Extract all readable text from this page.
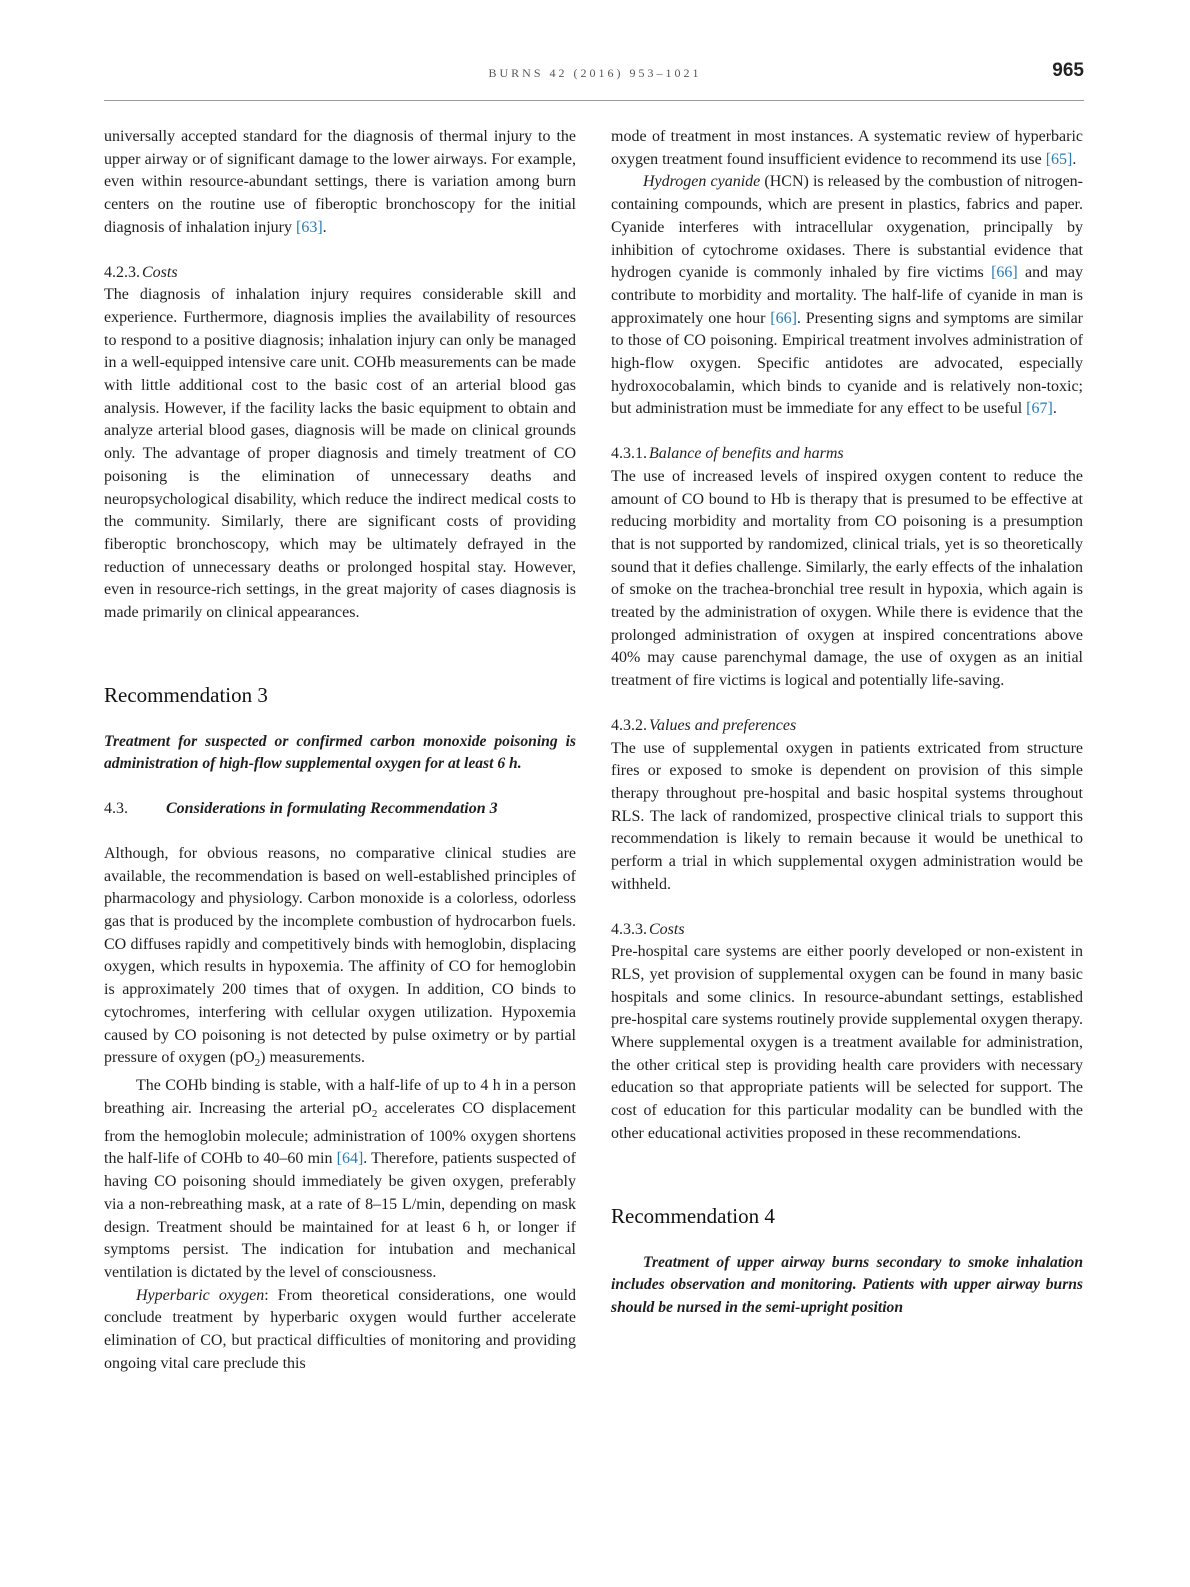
BURNS 42 (2016) 953–1021	965

universally accepted standard for the diagnosis of thermal injury to the upper airway or of significant damage to the lower airways. For example, even within resource-abundant settings, there is variation among burn centers on the routine use of fiberoptic bronchoscopy for the initial diagnosis of inhalation injury [63].

4.2.3. Costs

The diagnosis of inhalation injury requires considerable skill and experience. Furthermore, diagnosis implies the availability of resources to respond to a positive diagnosis; inhalation injury can only be managed in a well-equipped intensive care unit. COHb measurements can be made with little additional cost to the basic cost of an arterial blood gas analysis. However, if the facility lacks the basic equipment to obtain and analyze arterial blood gases, diagnosis will be made on clinical grounds only. The advantage of proper diagnosis and timely treatment of CO poisoning is the elimination of unnecessary deaths and neuropsychological disability, which reduce the indirect medical costs to the community. Similarly, there are significant costs of providing fiberoptic bronchoscopy, which may be ultimately defrayed in the reduction of unnecessary deaths or prolonged hospital stay. However, even in resource-rich settings, in the great majority of cases diagnosis is made primarily on clinical appearances.

Recommendation 3

Treatment for suspected or confirmed carbon monoxide poisoning is administration of high-flow supplemental oxygen for at least 6 h.

4.3. Considerations in formulating Recommendation 3

Although, for obvious reasons, no comparative clinical studies are available, the recommendation is based on well-established principles of pharmacology and physiology. Carbon monoxide is a colorless, odorless gas that is produced by the incomplete combustion of hydrocarbon fuels. CO diffuses rapidly and competitively binds with hemoglobin, displacing oxygen, which results in hypoxemia. The affinity of CO for hemoglobin is approximately 200 times that of oxygen. In addition, CO binds to cytochromes, interfering with cellular oxygen utilization. Hypoxemia caused by CO poisoning is not detected by pulse oximetry or by partial pressure of oxygen $(pO_2)$ measurements.

The COHb binding is stable, with a half-life of up to 4 h in a person breathing air. Increasing the arterial $pO_2$ accelerates CO displacement from the hemoglobin molecule; administration of 100% oxygen shortens the half-life of COHb to 40–60 min [64]. Therefore, patients suspected of having CO poisoning should immediately be given oxygen, preferably via a non-rebreathing mask, at a rate of 8–15 L/min, depending on mask design. Treatment should be maintained for at least 6 h, or longer if symptoms persist. The indication for intubation and mechanical ventilation is dictated by the level of consciousness.

Hyperbaric oxygen: From theoretical considerations, one would conclude treatment by hyperbaric oxygen would further accelerate elimination of CO, but practical difficulties of monitoring and providing ongoing vital care preclude this

mode of treatment in most instances. A systematic review of hyperbaric oxygen treatment found insufficient evidence to recommend its use [65].

Hydrogen cyanide (HCN) is released by the combustion of nitrogen-containing compounds, which are present in plastics, fabrics and paper. Cyanide interferes with intracellular oxygenation, principally by inhibition of cytochrome oxidases. There is substantial evidence that hydrogen cyanide is commonly inhaled by fire victims [66] and may contribute to morbidity and mortality. The half-life of cyanide in man is approximately one hour [66]. Presenting signs and symptoms are similar to those of CO poisoning. Empirical treatment involves administration of high-flow oxygen. Specific antidotes are advocated, especially hydroxocobalamin, which binds to cyanide and is relatively non-toxic; but administration must be immediate for any effect to be useful [67].

4.3.1. Balance of benefits and harms

The use of increased levels of inspired oxygen content to reduce the amount of CO bound to Hb is therapy that is presumed to be effective at reducing morbidity and mortality from CO poisoning is a presumption that is not supported by randomized, clinical trials, yet is so theoretically sound that it defies challenge. Similarly, the early effects of the inhalation of smoke on the trachea-bronchial tree result in hypoxia, which again is treated by the administration of oxygen. While there is evidence that the prolonged administration of oxygen at inspired concentrations above 40% may cause parenchymal damage, the use of oxygen as an initial treatment of fire victims is logical and potentially life-saving.

4.3.2. Values and preferences

The use of supplemental oxygen in patients extricated from structure fires or exposed to smoke is dependent on provision of this simple therapy throughout pre-hospital and basic hospital systems throughout RLS. The lack of randomized, prospective clinical trials to support this recommendation is likely to remain because it would be unethical to perform a trial in which supplemental oxygen administration would be withheld.

4.3.3. Costs

Pre-hospital care systems are either poorly developed or non-existent in RLS, yet provision of supplemental oxygen can be found in many basic hospitals and some clinics. In resource-abundant settings, established pre-hospital care systems routinely provide supplemental oxygen therapy. Where supplemental oxygen is a treatment available for administration, the other critical step is providing health care providers with necessary education so that appropriate patients will be selected for support. The cost of education for this particular modality can be bundled with the other educational activities proposed in these recommendations.

Recommendation 4

Treatment of upper airway burns secondary to smoke inhalation includes observation and monitoring. Patients with upper airway burns should be nursed in the semi-upright position
